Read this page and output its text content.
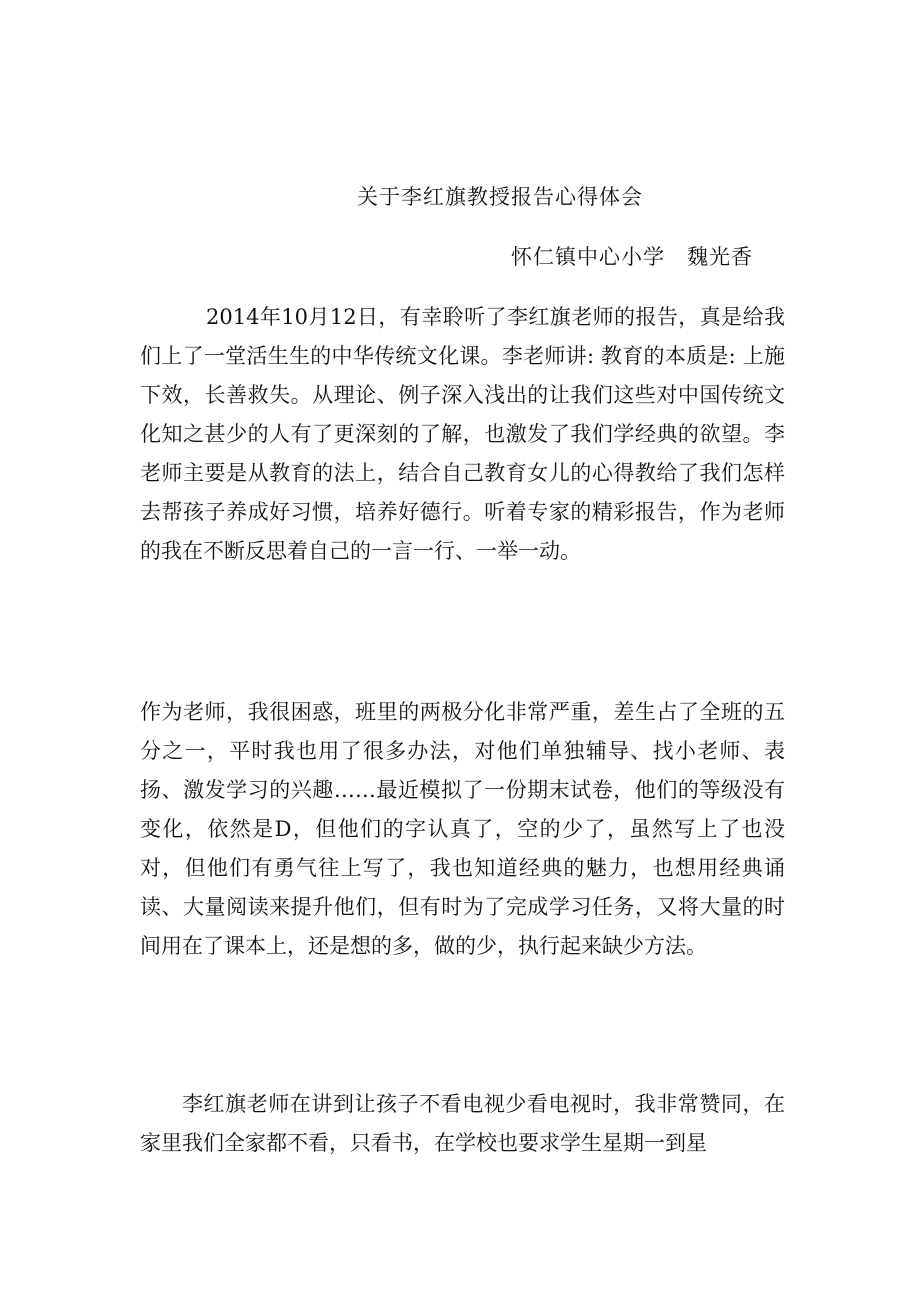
关于李红旗教授报告心得体会
怀仁镇中心小学 魏光香

2014年10月12日，有幸聆听了李红旗老师的报告，真是给我们上了一堂活生生的中华传统文化课。李老师讲: 教育的本质是: 上施下效，长善救失。从理论、例子深入浅出的让我们这些对中国传统文化知之甚少的人有了更深刻的了解，也激发了我们学经典的欲望。李老师主要是从教育的法上，结合自己教育女儿的心得教给了我们怎样去帮孩子养成好习惯，培养好德行。听着专家的精彩报告，作为老师的我在不断反思着自己的一言一行、一举一动。

作为老师，我很困惑，班里的两极分化非常严重，差生占了全班的五分之一，平时我也用了很多办法，对他们单独辅导、找小老师、表扬、激发学习的兴趣……最近模拟了一份期末试卷，他们的等级没有变化，依然是D，但他们的字认真了，空的少了，虽然写上了也没对，但他们有勇气往上写了，我也知道经典的魅力，也想用经典诵读、大量阅读来提升他们，但有时为了完成学习任务，又将大量的时间用在了课本上，还是想的多，做的少，执行起来缺少方法。

李红旗老师在讲到让孩子不看电视少看电视时，我非常赞同，在家里我们全家都不看，只看书，在学校也要求学生星期一到星
